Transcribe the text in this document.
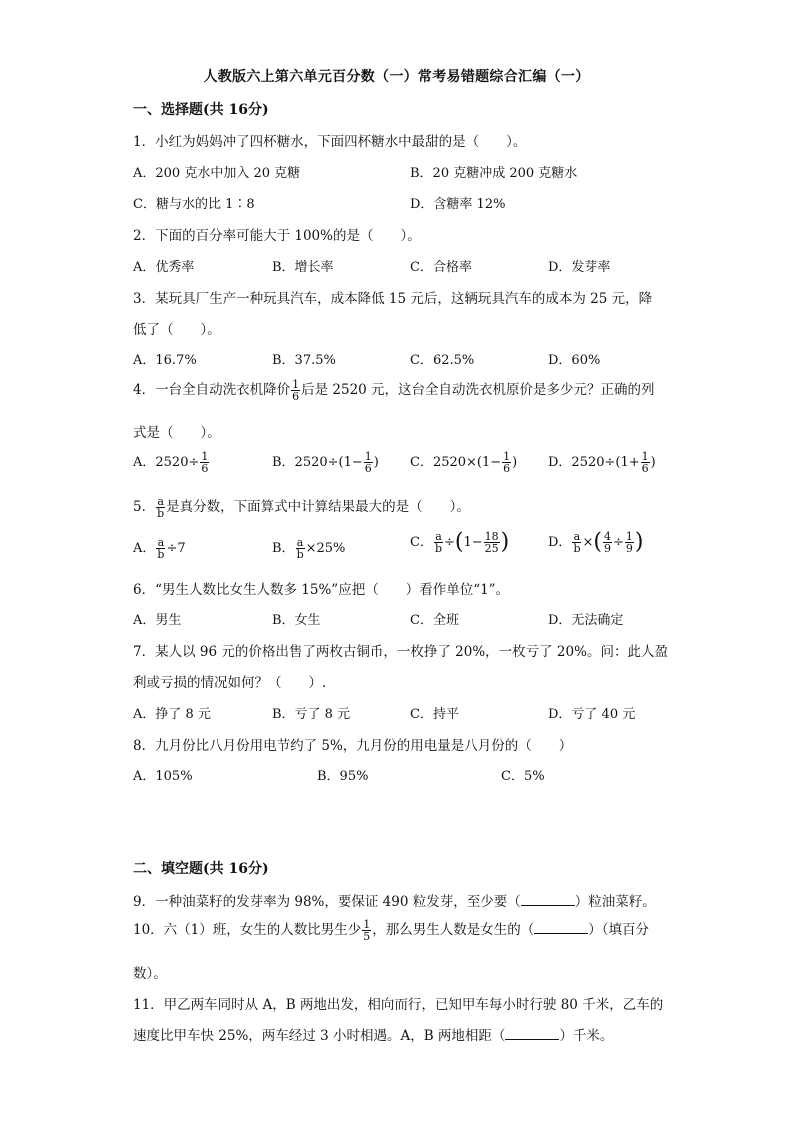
人教版六上第六单元百分数（一）常考易错题综合汇编（一）
一、选择题(共 16分)
1．小红为妈妈冲了四杯糖水，下面四杯糖水中最甜的是（　　）。
A．200 克水中加入 20 克糖	B．20 克糖冲成 200 克糖水
C．糖与水的比 1∶8	D．含糖率 12%
2．下面的百分率可能大于 100%的是（　　）。
A．优秀率	B．增长率	C．合格率	D．发芽率
3．某玩具厂生产一种玩具汽车，成本降低 15 元后，这辆玩具汽车的成本为 25 元，降
低了（　　）。
A．16.7%	B．37.5%	C．62.5%	D．60%
4．一台全自动洗衣机降价 $\frac{1}{6}$ 后是 2520 元，这台全自动洗衣机原价是多少元？正确的列
式是（　　）。
A．$2520\div \frac{1}{6}$	B．$2520\div(1- \frac{1}{6}$ ) C．$2520\times(1- \frac{1}{6}$ ) D．$2520\div(1+ \frac{1}{6}$ )
5． $\frac{a}{b}$ 是真分数，下面算式中计算结果最大的是（　　）。
A． $\frac{a}{b} \div 7$	B． $\frac{a}{b} \times 25\%$	C． $\frac{a}{b} \div(1- \frac{18}{25}$ )	D． $\frac{a}{b}$ ×( $\frac{4}{9} \div \frac{1}{9}$ )
6．“男生人数比女生人数多 15%”应把（　　）看作单位“1”。
A．男生	B．女生	C．全班	D．无法确定
7．某人以 96 元的价格出售了两枚古铜币，一枚挣了 20%，一枚亏了 20%。问：此人盈
利或亏损的情况如何？（　　）.
A．挣了 8 元	B．亏了 8 元	C．持平	D．亏了 40 元
8．九月份比八月份用电节约了 5%，九月份的用电量是八月份的（　　）
A．105%	B．95%	C．5%
二、填空题(共 16分)
9．一种油菜籽的发芽率为 98%，要保证 490 粒发芽，至少要（	）粒油菜籽。
10．六（1）班，女生的人数比男生少 $\frac{1}{5}$ ，那么男生人数是女生的（	）（填百分
数）。
11．甲乙两车同时从 A，B 两地出发，相向而行，已知甲车每小时行驶 80 千米，乙车的
速度比甲车快 25%，两车经过 3 小时相遇。A，B 两地相距（	）千米。
